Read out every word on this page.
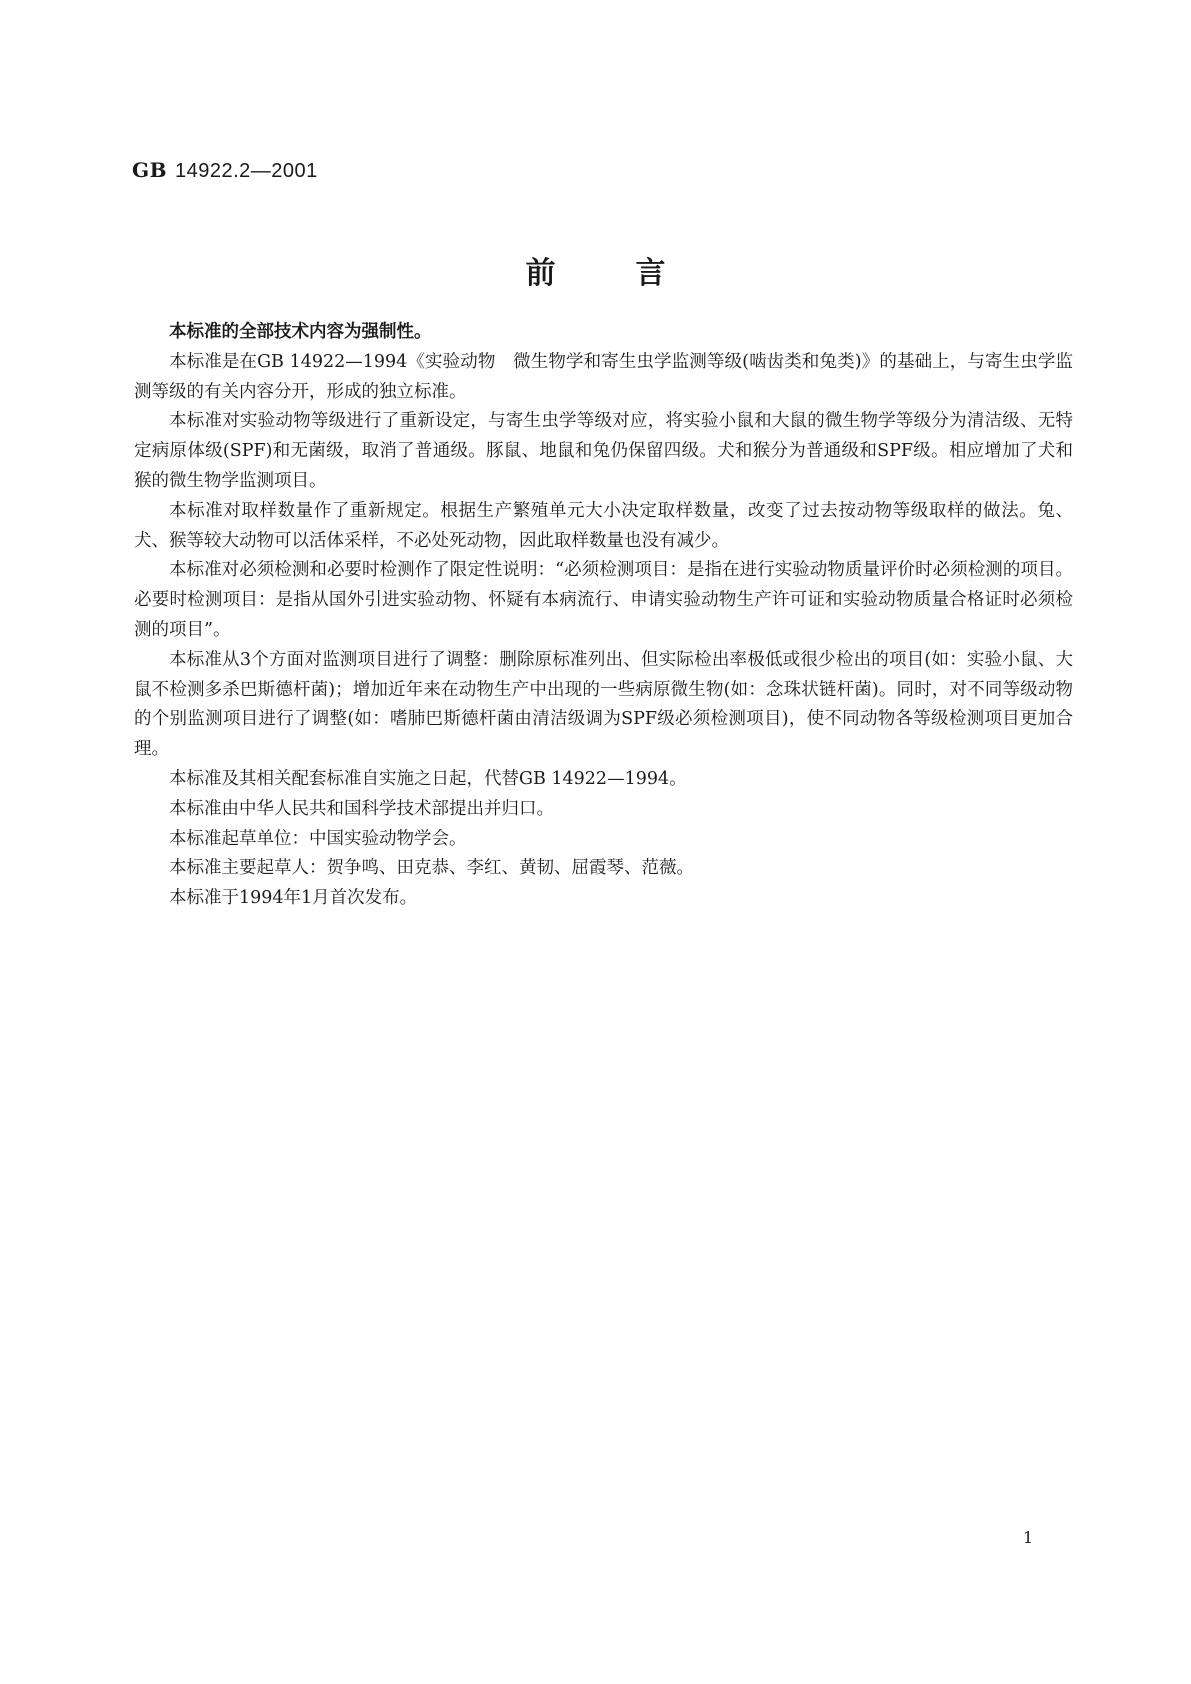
GB 14922.2—2001
前言

本标准的全部技术内容为强制性。

本标准是在GB 14922—1994《实验动物　微生物学和寄生虫学监测等级(啮齿类和兔类)》的基础上，与寄生虫学监测等级的有关内容分开，形成的独立标准。

本标准对实验动物等级进行了重新设定，与寄生虫学等级对应，将实验小鼠和大鼠的微生物学等级分为清洁级、无特定病原体级(SPF)和无菌级，取消了普通级。豚鼠、地鼠和兔仍保留四级。犬和猴分为普通级和SPF级。相应增加了犬和猴的微生物学监测项目。

本标准对取样数量作了重新规定。根据生产繁殖单元大小决定取样数量，改变了过去按动物等级取样的做法。兔、犬、猴等较大动物可以活体采样，不必处死动物，因此取样数量也没有减少。

本标准对必须检测和必要时检测作了限定性说明：“必须检测项目：是指在进行实验动物质量评价时必须检测的项目。必要时检测项目：是指从国外引进实验动物、怀疑有本病流行、申请实验动物生产许可证和实验动物质量合格证时必须检测的项目”。

本标准从3个方面对监测项目进行了调整：删除原标准列出、但实际检出率极低或很少检出的项目(如：实验小鼠、大鼠不检测多杀巴斯德杆菌)；增加近年来在动物生产中出现的一些病原微生物(如：念珠状链杆菌)。同时，对不同等级动物的个别监测项目进行了调整(如：嗜肺巴斯德杆菌由清洁级调为SPF级必须检测项目)，使不同动物各等级检测项目更加合理。

本标准及其相关配套标准自实施之日起，代替GB 14922—1994。

本标准由中华人民共和国科学技术部提出并归口。

本标准起草单位：中国实验动物学会。

本标准主要起草人：贺争鸣、田克恭、李红、黄韧、屈霞琴、范薇。

本标准于1994年1月首次发布。

1
